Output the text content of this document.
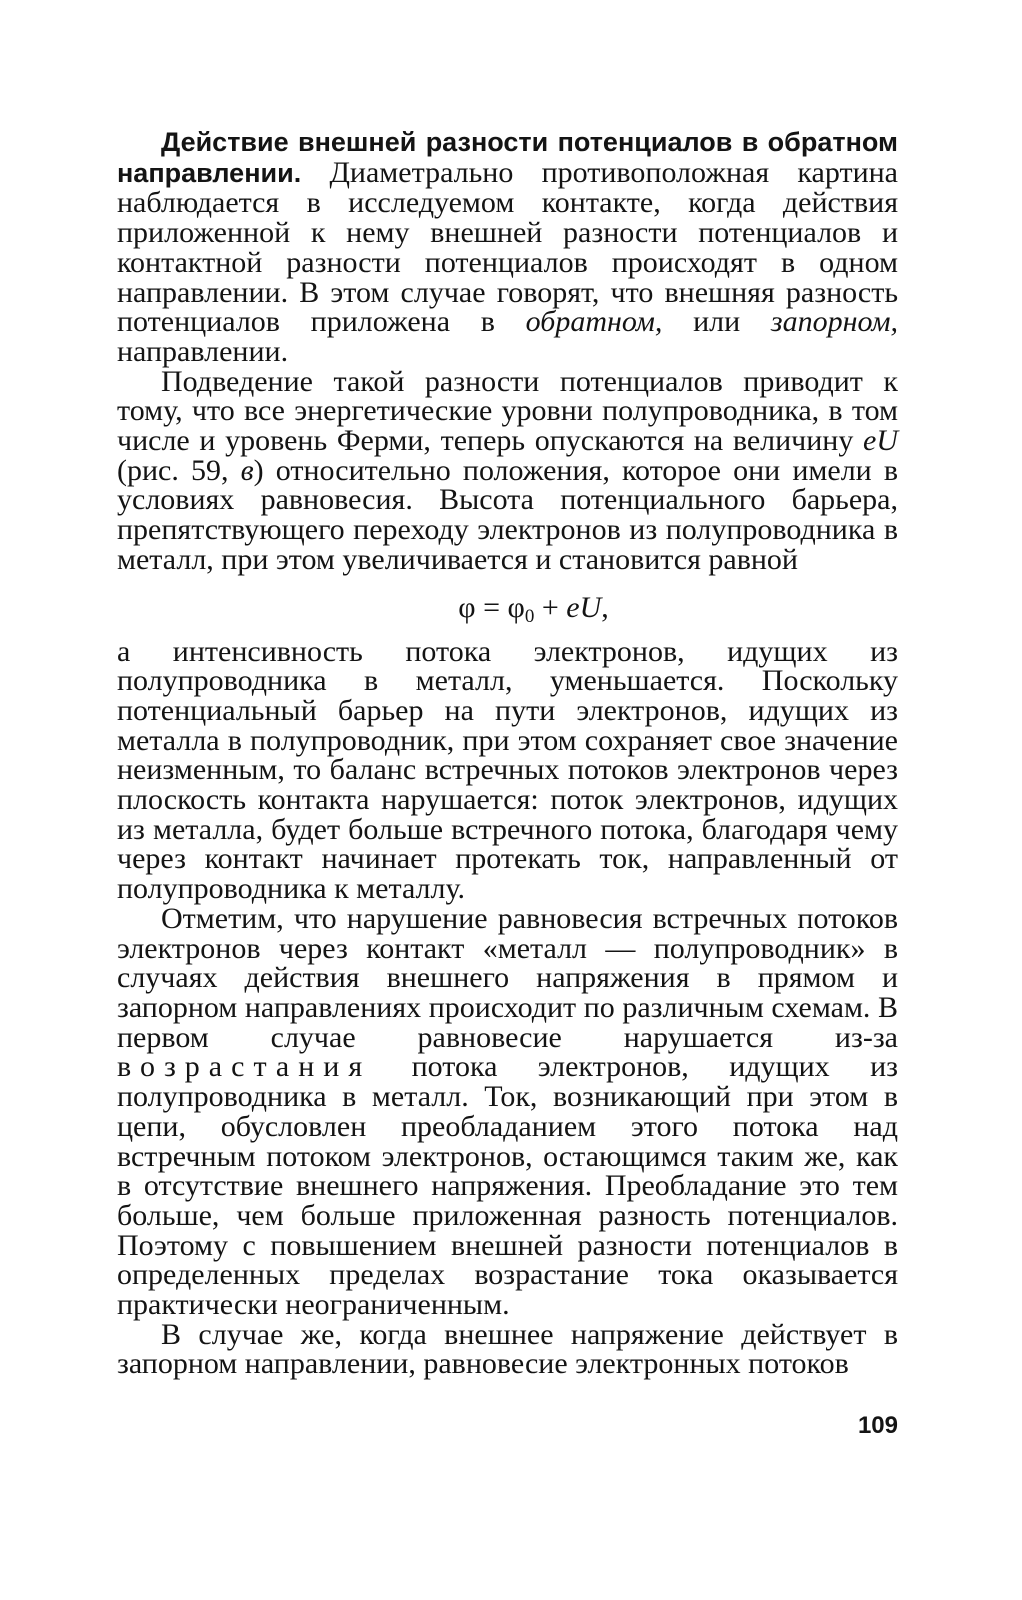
Действие внешней разности потенциалов в обратном направлении. Диаметрально противоположная картина наблюдается в исследуемом контакте, когда действия приложенной к нему внешней разности потенциалов и контактной разности потенциалов происходят в одном направлении. В этом случае говорят, что внешняя разность потенциалов приложена в обратном, или запорном, направлении.

Подведение такой разности потенциалов приводит к тому, что все энергетические уровни полупроводника, в том числе и уровень Ферми, теперь опускаются на величину eU (рис. 59, в) относительно положения, которое они имели в условиях равновесия. Высота потенциального барьера, препятствующего переходу электронов из полупроводника в металл, при этом увеличивается и становится равной

$\varphi = \varphi_0$ + eU,

а интенсивность потока электронов, идущих из полупроводника в металл, уменьшается. Поскольку потенциальный барьер на пути электронов, идущих из металла в полупроводник, при этом сохраняет свое значение неизменным, то баланс встречных потоков электронов через плоскость контакта нарушается: поток электронов, идущих из металла, будет больше встречного потока, благодаря чему через контакт начинает протекать ток, направленный от полупроводника к металлу.

Отметим, что нарушение равновесия встречных потоков электронов через контакт «металл — полупроводник» в случаях действия внешнего напряжения в прямом и запорном направлениях происходит по различным схемам. В первом случае равновесие нарушается из-за возрастания потока электронов, идущих из полупроводника в металл. Ток, возникающий при этом в цепи, обусловлен преобладанием этого потока над встречным потоком электронов, остающимся таким же, как в отсутствие внешнего напряжения. Преобладание это тем больше, чем больше приложенная разность потенциалов. Поэтому с повышением внешней разности потенциалов в определенных пределах возрастание тока оказывается практически неограниченным.

В случае же, когда внешнее напряжение действует в запорном направлении, равновесие электронных потоков

109
